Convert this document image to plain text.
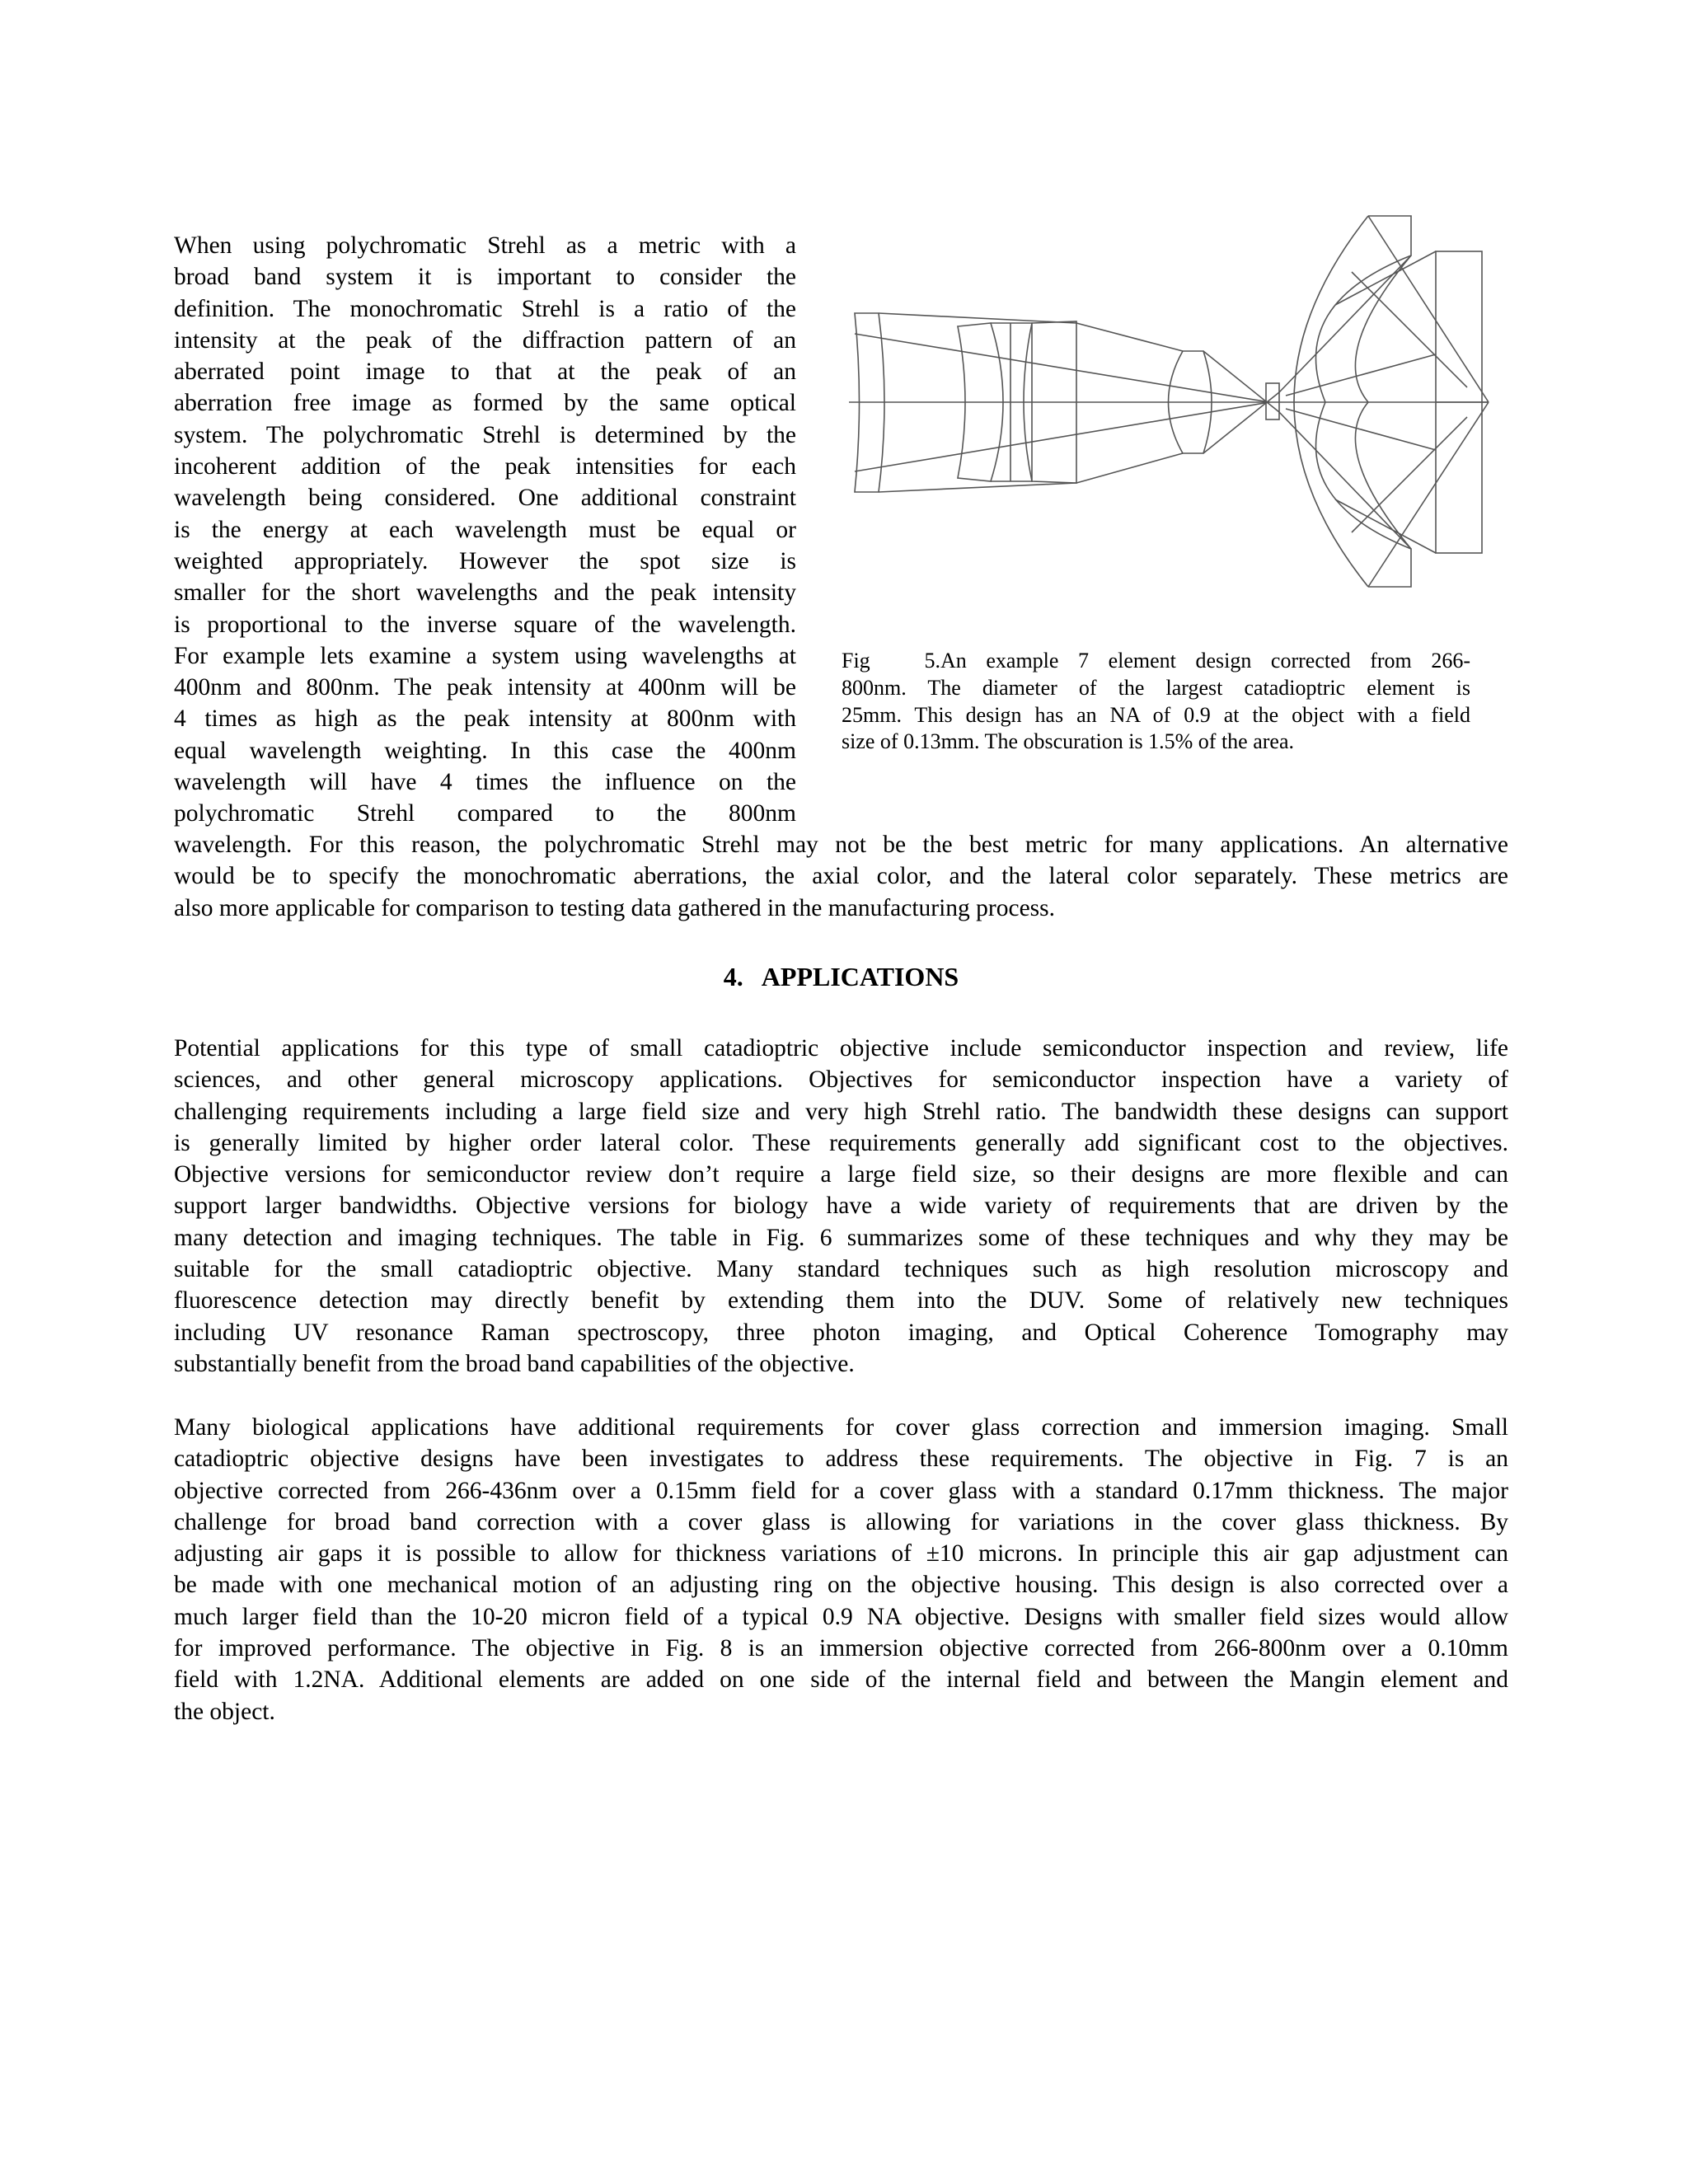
When using polychromatic Strehl as a metric with a
broad band system it is important to consider the
definition. The monochromatic Strehl is a ratio of the
intensity at the peak of the diffraction pattern of an
aberrated point image to that at the peak of an
aberration free image as formed by the same optical
system. The polychromatic Strehl is determined by the
incoherent addition of the peak intensities for each
wavelength being considered. One additional constraint
is the energy at each wavelength must be equal or
weighted appropriately. However the spot size is
smaller for the short wavelengths and the peak intensity
is proportional to the inverse square of the wavelength.
For example lets examine a system using wavelengths at
400nm and 800nm. The peak intensity at 400nm will be
4 times as high as the peak intensity at 800nm with
equal wavelength weighting. In this case the 400nm
wavelength will have 4 times the influence on the
polychromatic Strehl compared to the 800nm
Fig 5.An example 7 element design corrected from 266-
800nm. The diameter of the largest catadioptric element is
25mm. This design has an NA of 0.9 at the object with a field
size of 0.13mm. The obscuration is 1.5% of the area.
wavelength. For this reason, the polychromatic Strehl may not be the best metric for many applications. An alternative
would be to specify the monochromatic aberrations, the axial color, and the lateral color separately. These metrics are
also more applicable for comparison to testing data gathered in the manufacturing process.
4. APPLICATIONS
Potential applications for this type of small catadioptric objective include semiconductor inspection and review, life
sciences, and other general microscopy applications. Objectives for semiconductor inspection have a variety of
challenging requirements including a large field size and very high Strehl ratio. The bandwidth these designs can support
is generally limited by higher order lateral color. These requirements generally add significant cost to the objectives.
Objective versions for semiconductor review don’t require a large field size, so their designs are more flexible and can
support larger bandwidths. Objective versions for biology have a wide variety of requirements that are driven by the
many detection and imaging techniques. The table in Fig. 6 summarizes some of these techniques and why they may be
suitable for the small catadioptric objective. Many standard techniques such as high resolution microscopy and
fluorescence detection may directly benefit by extending them into the DUV. Some of relatively new techniques
including UV resonance Raman spectroscopy, three photon imaging, and Optical Coherence Tomography may
substantially benefit from the broad band capabilities of the objective.
Many biological applications have additional requirements for cover glass correction and immersion imaging. Small
catadioptric objective designs have been investigates to address these requirements. The objective in Fig. 7 is an
objective corrected from 266-436nm over a 0.15mm field for a cover glass with a standard 0.17mm thickness. The major
challenge for broad band correction with a cover glass is allowing for variations in the cover glass thickness. By
adjusting air gaps it is possible to allow for thickness variations of ±10 microns. In principle this air gap adjustment can
be made with one mechanical motion of an adjusting ring on the objective housing. This design is also corrected over a
much larger field than the 10-20 micron field of a typical 0.9 NA objective. Designs with smaller field sizes would allow
for improved performance. The objective in Fig. 8 is an immersion objective corrected from 266-800nm over a 0.10mm
field with 1.2NA. Additional elements are added on one side of the internal field and between the Mangin element and
the object.
